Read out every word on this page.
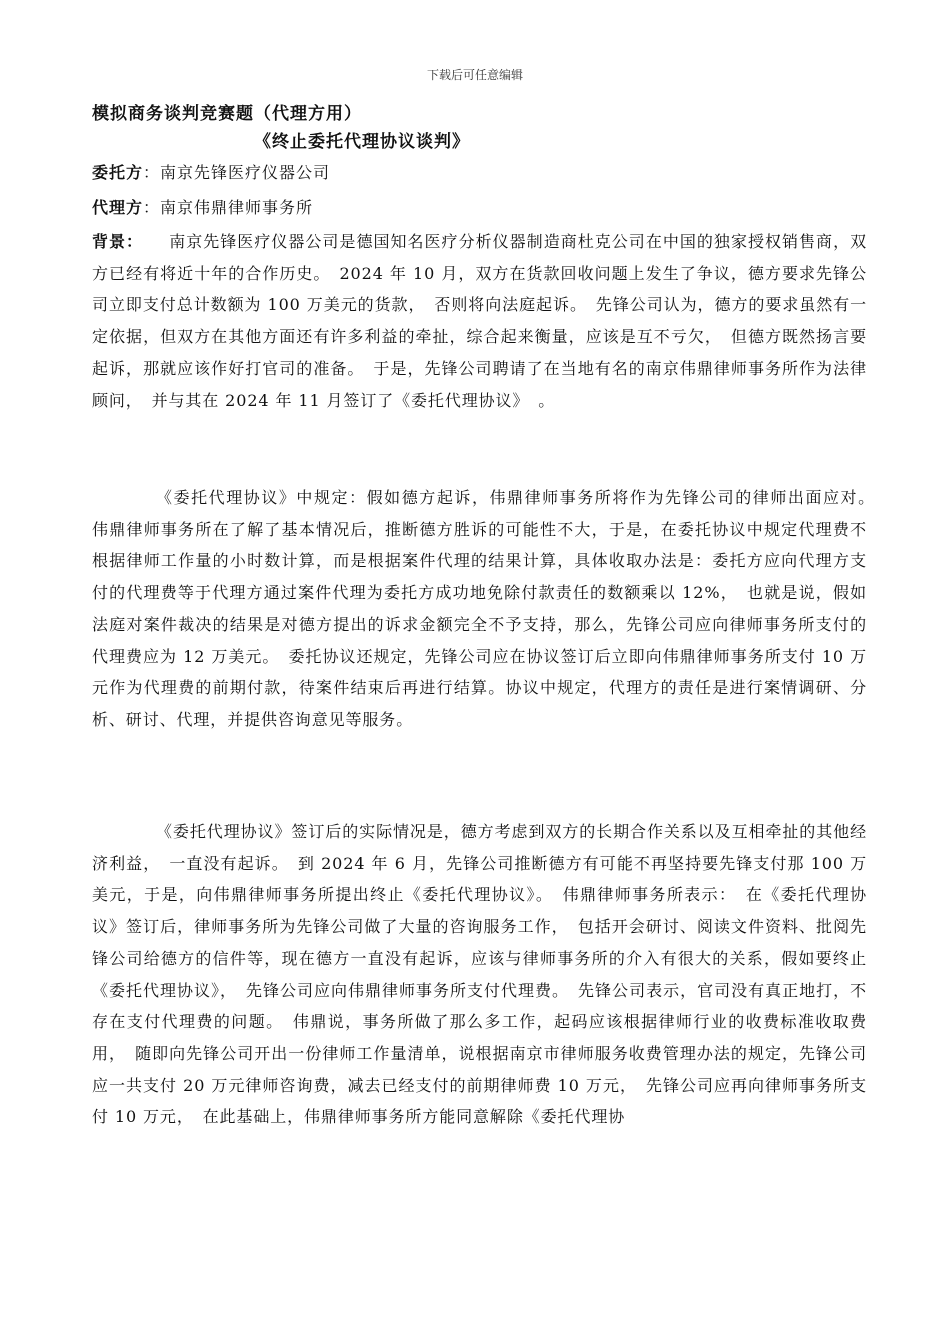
下载后可任意编辑
模拟商务谈判竞赛题（代理方用）
《终止委托代理协议谈判》
委托方：南京先锋医疗仪器公司
代理方：南京伟鼎律师事务所

背景： 南京先锋医疗仪器公司是德国知名医疗分析仪器制造商杜克公司在中国的独家授权销售商，双方已经有将近十年的合作历史。　2024 年 10 月，双方在货款回收问题上发生了争议，德方要求先锋公司立即支付总计数额为 100 万美元的货款，　否则将向法庭起诉。　先锋公司认为，德方的要求虽然有一定依据，但双方在其他方面还有许多利益的牵扯，综合起来衡量，应该是互不亏欠，　但德方既然扬言要起诉，那就应该作好打官司的准备。　于是，先锋公司聘请了在当地有名的南京伟鼎律师事务所作为法律顾问，　并与其在 2024 年 11 月签订了《委托代理协议》　。

《委托代理协议》中规定：假如德方起诉，伟鼎律师事务所将作为先锋公司的律师出面应对。　伟鼎律师事务所在了解了基本情况后，推断德方胜诉的可能性不大，于是，在委托协议中规定代理费不根据律师工作量的小时数计算，而是根据案件代理的结果计算，具体收取办法是：委托方应向代理方支付的代理费等于代理方通过案件代理为委托方成功地免除付款责任的数额乘以 12%，　也就是说，假如法庭对案件裁决的结果是对德方提出的诉求金额完全不予支持，那么，先锋公司应向律师事务所支付的代理费应为 12 万美元。　委托协议还规定，先锋公司应在协议签订后立即向伟鼎律师事务所支付 10 万元作为代理费的前期付款，待案件结束后再进行结算。协议中规定，代理方的责任是进行案情调研、分析、研讨、代理，并提供咨询意见等服务。

《委托代理协议》签订后的实际情况是，德方考虑到双方的长期合作关系以及互相牵扯的其他经济利益，　一直没有起诉。　到 2024 年 6 月，先锋公司推断德方有可能不再坚持要先锋支付那 100 万美元，于是，向伟鼎律师事务所提出终止《委托代理协议》。　伟鼎律师事务所表示：　在《委托代理协议》签订后，律师事务所为先锋公司做了大量的咨询服务工作，　包括开会研讨、阅读文件资料、批阅先锋公司给德方的信件等，现在德方一直没有起诉，应该与律师事务所的介入有很大的关系，假如要终止《委托代理协议》，　先锋公司应向伟鼎律师事务所支付代理费。　先锋公司表示，官司没有真正地打，不存在支付代理费的问题。　伟鼎说，事务所做了那么多工作，起码应该根据律师行业的收费标准收取费用，　随即向先锋公司开出一份律师工作量清单，说根据南京市律师服务收费管理办法的规定，先锋公司应一共支付 20 万元律师咨询费，减去已经支付的前期律师费 10 万元，　先锋公司应再向律师事务所支付 10 万元，　在此基础上，伟鼎律师事务所方能同意解除《委托代理协
